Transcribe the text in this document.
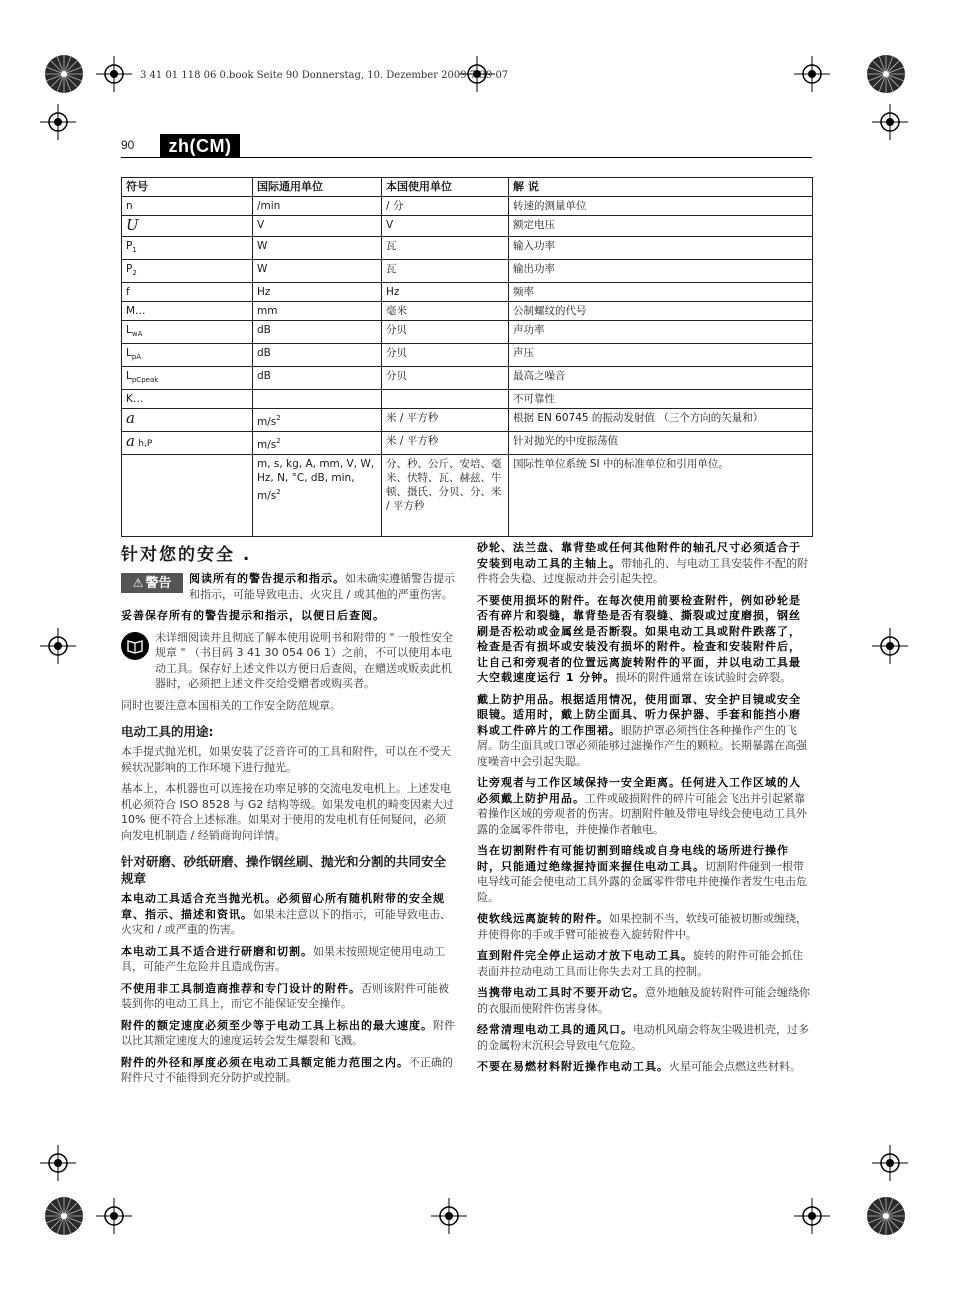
3 41 01 118 06 0.book Seite 90 Donnerstag, 10. Dezember 2009 7:39 07
90	zh(CM)
符号	国际通用单位	本国使用单位	解 说
n	/min	/ 分	转速的测量单位
U	V	V	额定电压
$P_1$	W	瓦	输入功率
$P_2$	W	瓦	输出功率
f	Hz	Hz	频率
M…	mm	毫米	公制螺纹的代号
$L_{wA}$	dB	分贝	声功率
$L_{pA}$	dB	分贝	声压
$L_{pCpeak}$	dB	分贝	最高之噪音
K…			不可靠性
a	$m/s^2$	米 / 平方秒	根据 EN 60745 的振动发射值 （三个方向的矢量和）
a h,P	$m/s^2$	米 / 平方秒	针对抛光的中度振荡值
	m, s, kg, A, mm, V, W, Hz, N, °C, dB, min, $m/s^2$	分、秒、公斤、安培、毫米、伏特、瓦、赫兹、牛顿、摄氏、分贝、分、米 / 平方秒	国际性单位系统 SI 中的标准单位和引用单位。
针对您的安全 .
⚠ 警告	阅读所有的警告提示和指示。如未确实遵循警告提示和指示，可能导致电击、火灾且 / 或其他的严重伤害。

妥善保存所有的警告提示和指示，以便日后查阅。

未详细阅读并且彻底了解本使用说明书和附带的 " 一般性安全规章 " （书目码 3 41 30 054 06 1）之前，不可以使用本电动工具。保存好上述文件以方便日后查阅，在赠送或贩卖此机器时，必须把上述文件交给受赠者或购买者。

同时也要注意本国相关的工作安全防范规章。

电动工具的用途:

本手提式抛光机，如果安装了泛音许可的工具和附件，可以在不受天候状况影响的工作环境下进行抛光。

基本上，本机器也可以连接在功率足够的交流电发电机上。上述发电机必须符合 ISO 8528 与 G2 结构等级。如果发电机的畸变因素大过 10% 便不符合上述标准。如果对于使用的发电机有任何疑问，必须向发电机制造 / 经销商询问详情。

针对研磨、砂纸研磨、操作钢丝刷、抛光和分割的共同安全规章

本电动工具适合充当抛光机。必须留心所有随机附带的安全规章、指示、描述和资讯。如果未注意以下的指示，可能导致电击、火灾和 / 或严重的伤害。

本电动工具不适合进行研磨和切割。如果未按照规定使用电动工具，可能产生危险并且造成伤害。

不使用非工具制造商推荐和专门设计的附件。否则该附件可能被装到你的电动工具上，而它不能保证安全操作。

附件的额定速度必须至少等于电动工具上标出的最大速度。附件以比其额定速度大的速度运转会发生爆裂和飞溅。

附件的外径和厚度必须在电动工具额定能力范围之内。不正确的附件尺寸不能得到充分防护或控制。

砂轮、法兰盘、靠背垫或任何其他附件的轴孔尺寸必须适合于安装到电动工具的主轴上。带轴孔的、与电动工具安装件不配的附件将会失稳、过度振动并会引起失控。

不要使用损坏的附件。在每次使用前要检查附件，例如砂轮是否有碎片和裂缝，靠背垫是否有裂缝、撕裂或过度磨损，钢丝刷是否松动或金属丝是否断裂。如果电动工具或附件跌落了，检查是否有损坏或安装没有损坏的附件。检查和安装附件后，让自己和旁观者的位置远离旋转附件的平面，并以电动工具最大空载速度运行 1 分钟。损坏的附件通常在该试验时会碎裂。

戴上防护用品。根据适用情况，使用面罩、安全护目镜或安全眼镜。适用时，戴上防尘面具、听力保护器、手套和能挡小磨料或工件碎片的工作围裙。眼防护罩必须挡住各种操作产生的飞屑。防尘面具或口罩必须能够过滤操作产生的颗粒。长期暴露在高强度噪音中会引起失聪。

让旁观者与工作区域保持一安全距离。任何进入工作区域的人必须戴上防护用品。工件或破损附件的碎片可能会飞出并引起紧靠着操作区域的旁观者的伤害。切割附件触及带电导线会使电动工具外露的金属零件带电，并使操作者触电。

当在切割附件有可能切割到暗线或自身电线的场所进行操作时，只能通过绝缘握持面来握住电动工具。切割附件碰到一根带电导线可能会使电动工具外露的金属零件带电并使操作者发生电击危险。

使软线远离旋转的附件。如果控制不当，软线可能被切断或缠绕，并使得你的手或手臂可能被卷入旋转附件中。

直到附件完全停止运动才放下电动工具。旋转的附件可能会抓住表面并拉动电动工具而让你失去对工具的控制。

当携带电动工具时不要开动它。意外地触及旋转附件可能会缠绕你的衣服而使附件伤害身体。

经常清理电动工具的通风口。电动机风扇会将灰尘吸进机壳，过多的金属粉末沉积会导致电气危险。

不要在易燃材料附近操作电动工具。火星可能会点燃这些材料。
